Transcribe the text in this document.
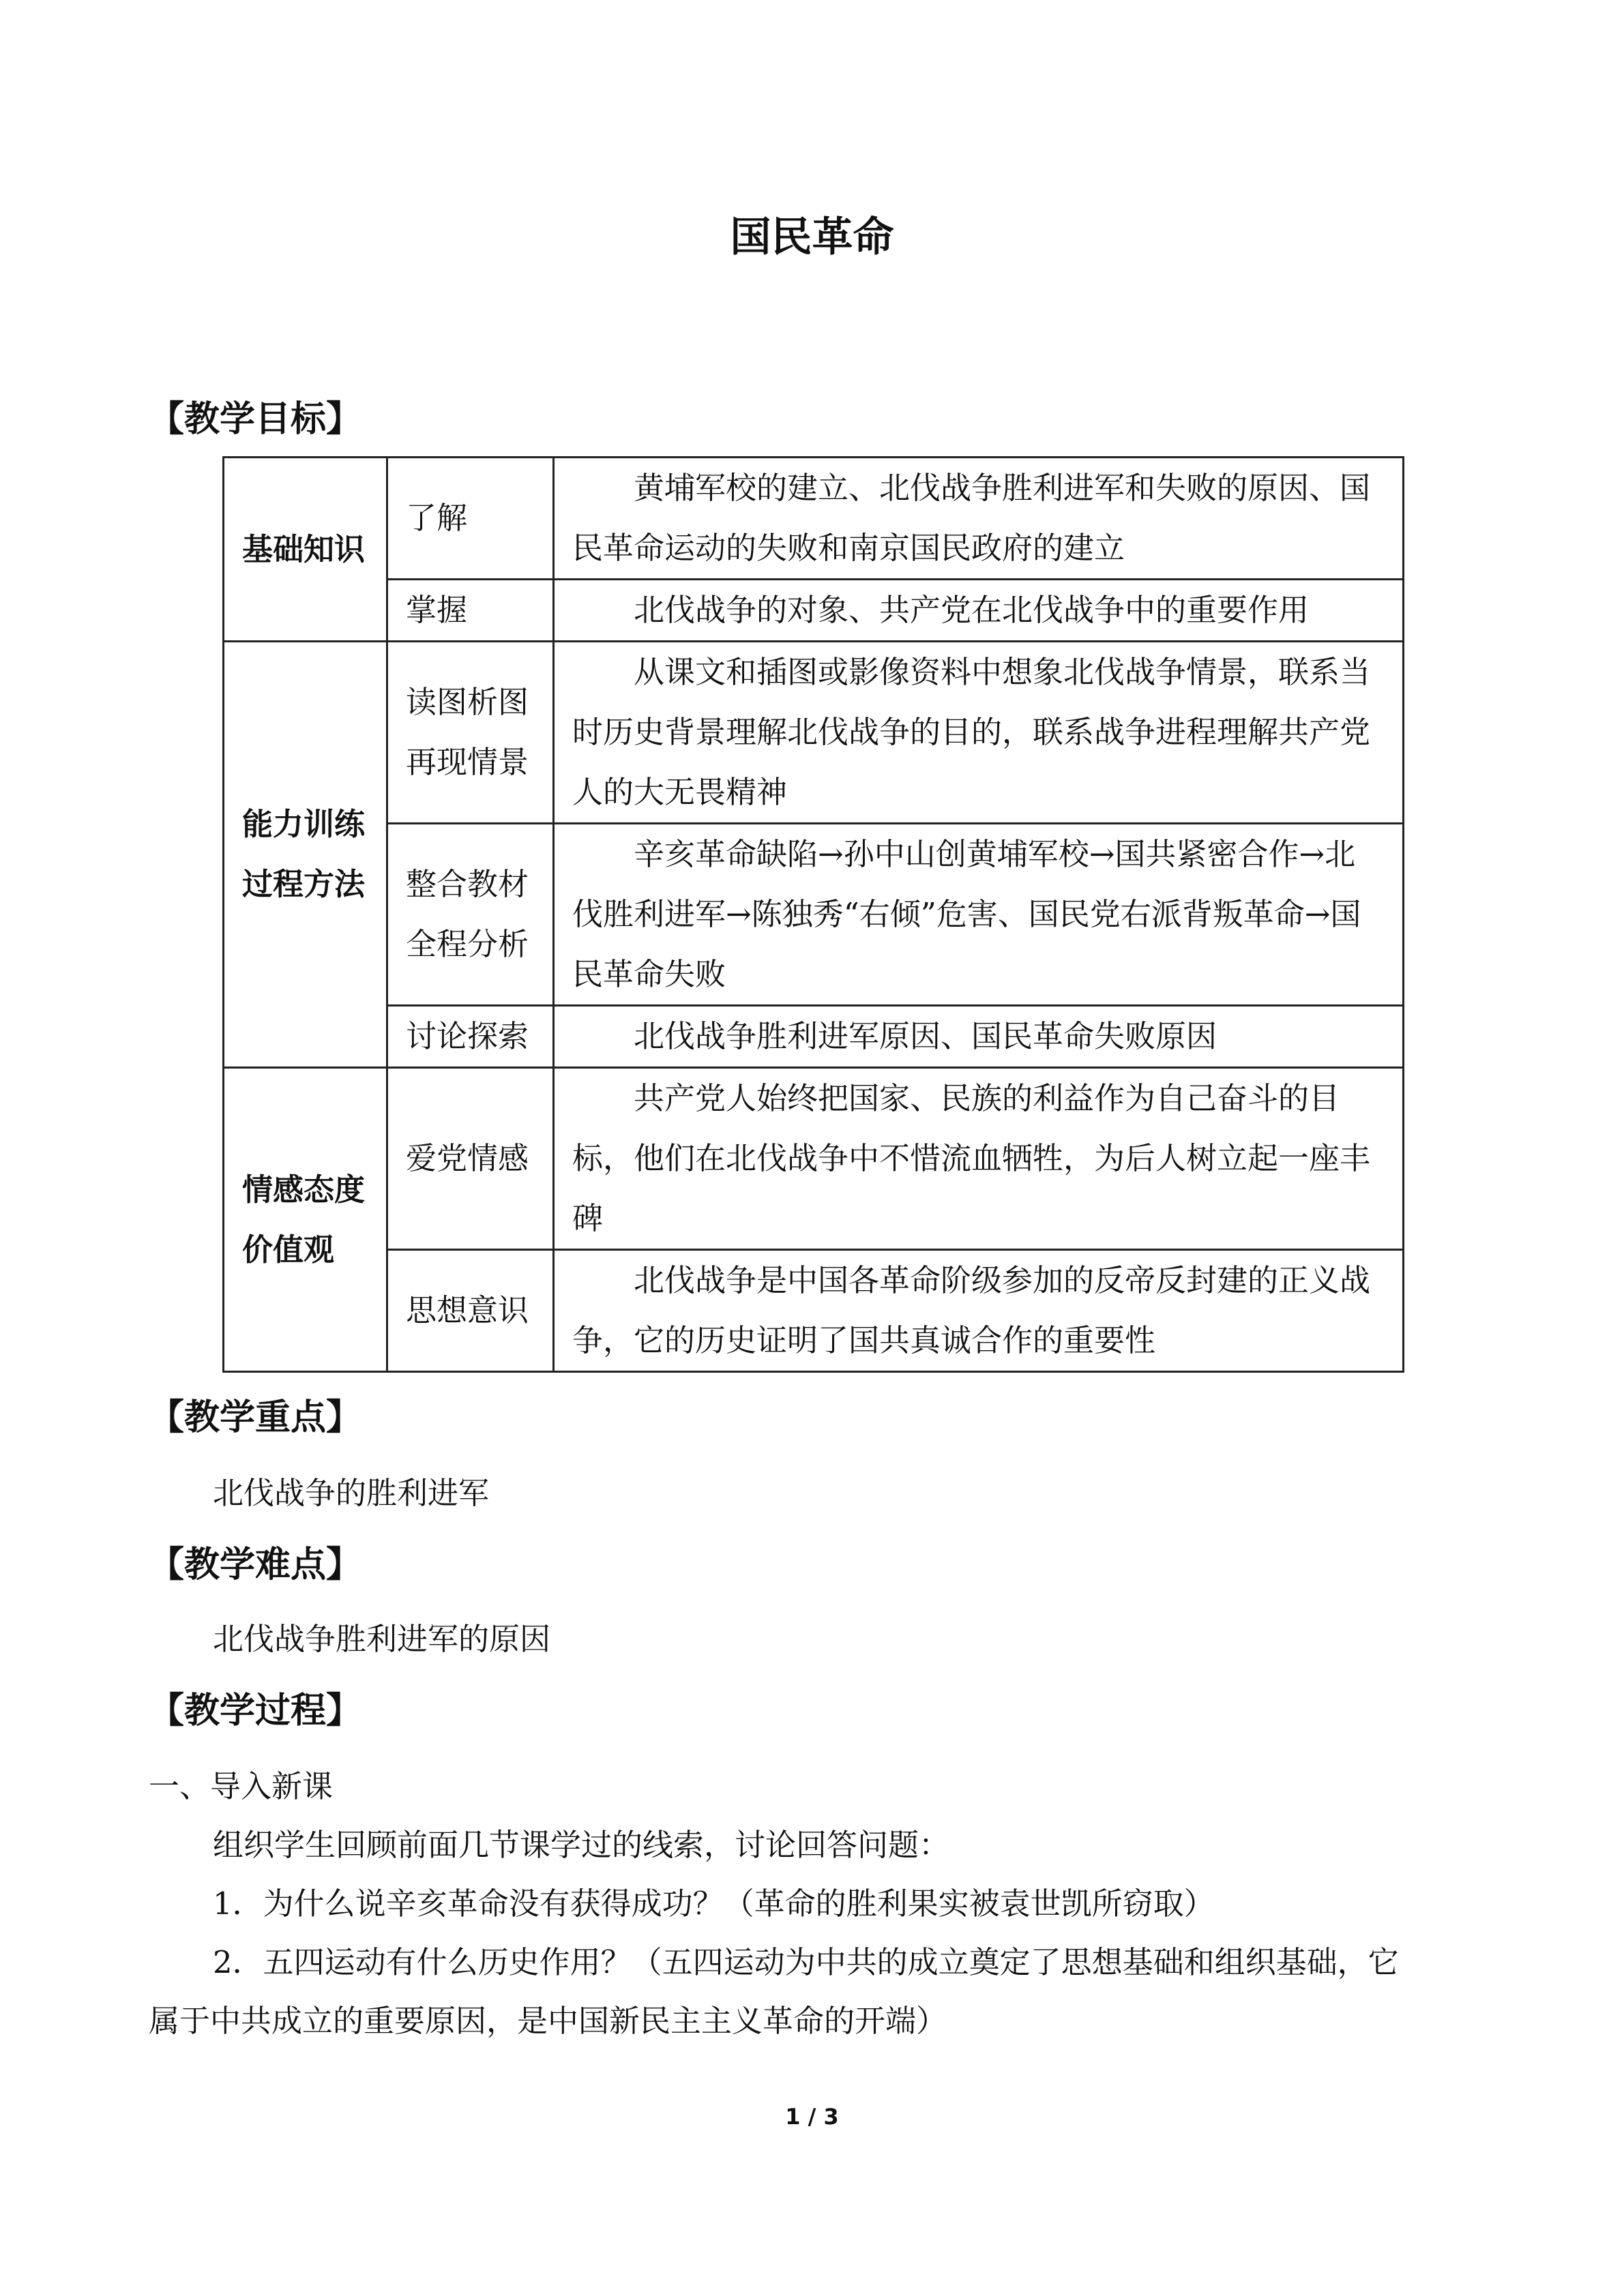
国民革命
【教学目标】
基础知识	了解	黄埔军校的建立、北伐战争胜利进军和失败的原因、国民革命运动的失败和南京国民政府的建立
	掌握	北伐战争的对象、共产党在北伐战争中的重要作用
能力训练过程方法	读图析图再现情景	从课文和插图或影像资料中想象北伐战争情景，联系当时历史背景理解北伐战争的目的，联系战争进程理解共产党人的大无畏精神
	整合教材全程分析	辛亥革命缺陷→孙中山创黄埔军校→国共紧密合作→北伐胜利进军→陈独秀“右倾”危害、国民党右派背叛革命→国民革命失败
	讨论探索	北伐战争胜利进军原因、国民革命失败原因
情感态度价值观	爱党情感	共产党人始终把国家、民族的利益作为自己奋斗的目标，他们在北伐战争中不惜流血牺牲，为后人树立起一座丰碑
	思想意识	北伐战争是中国各革命阶级参加的反帝反封建的正义战争，它的历史证明了国共真诚合作的重要性
【教学重点】
北伐战争的胜利进军
【教学难点】
北伐战争胜利进军的原因
【教学过程】
一、导入新课
组织学生回顾前面几节课学过的线索，讨论回答问题：
1．为什么说辛亥革命没有获得成功？（革命的胜利果实被袁世凯所窃取）
2．五四运动有什么历史作用？（五四运动为中共的成立奠定了思想基础和组织基础，它
属于中共成立的重要原因，是中国新民主主义革命的开端）
1 / 3
